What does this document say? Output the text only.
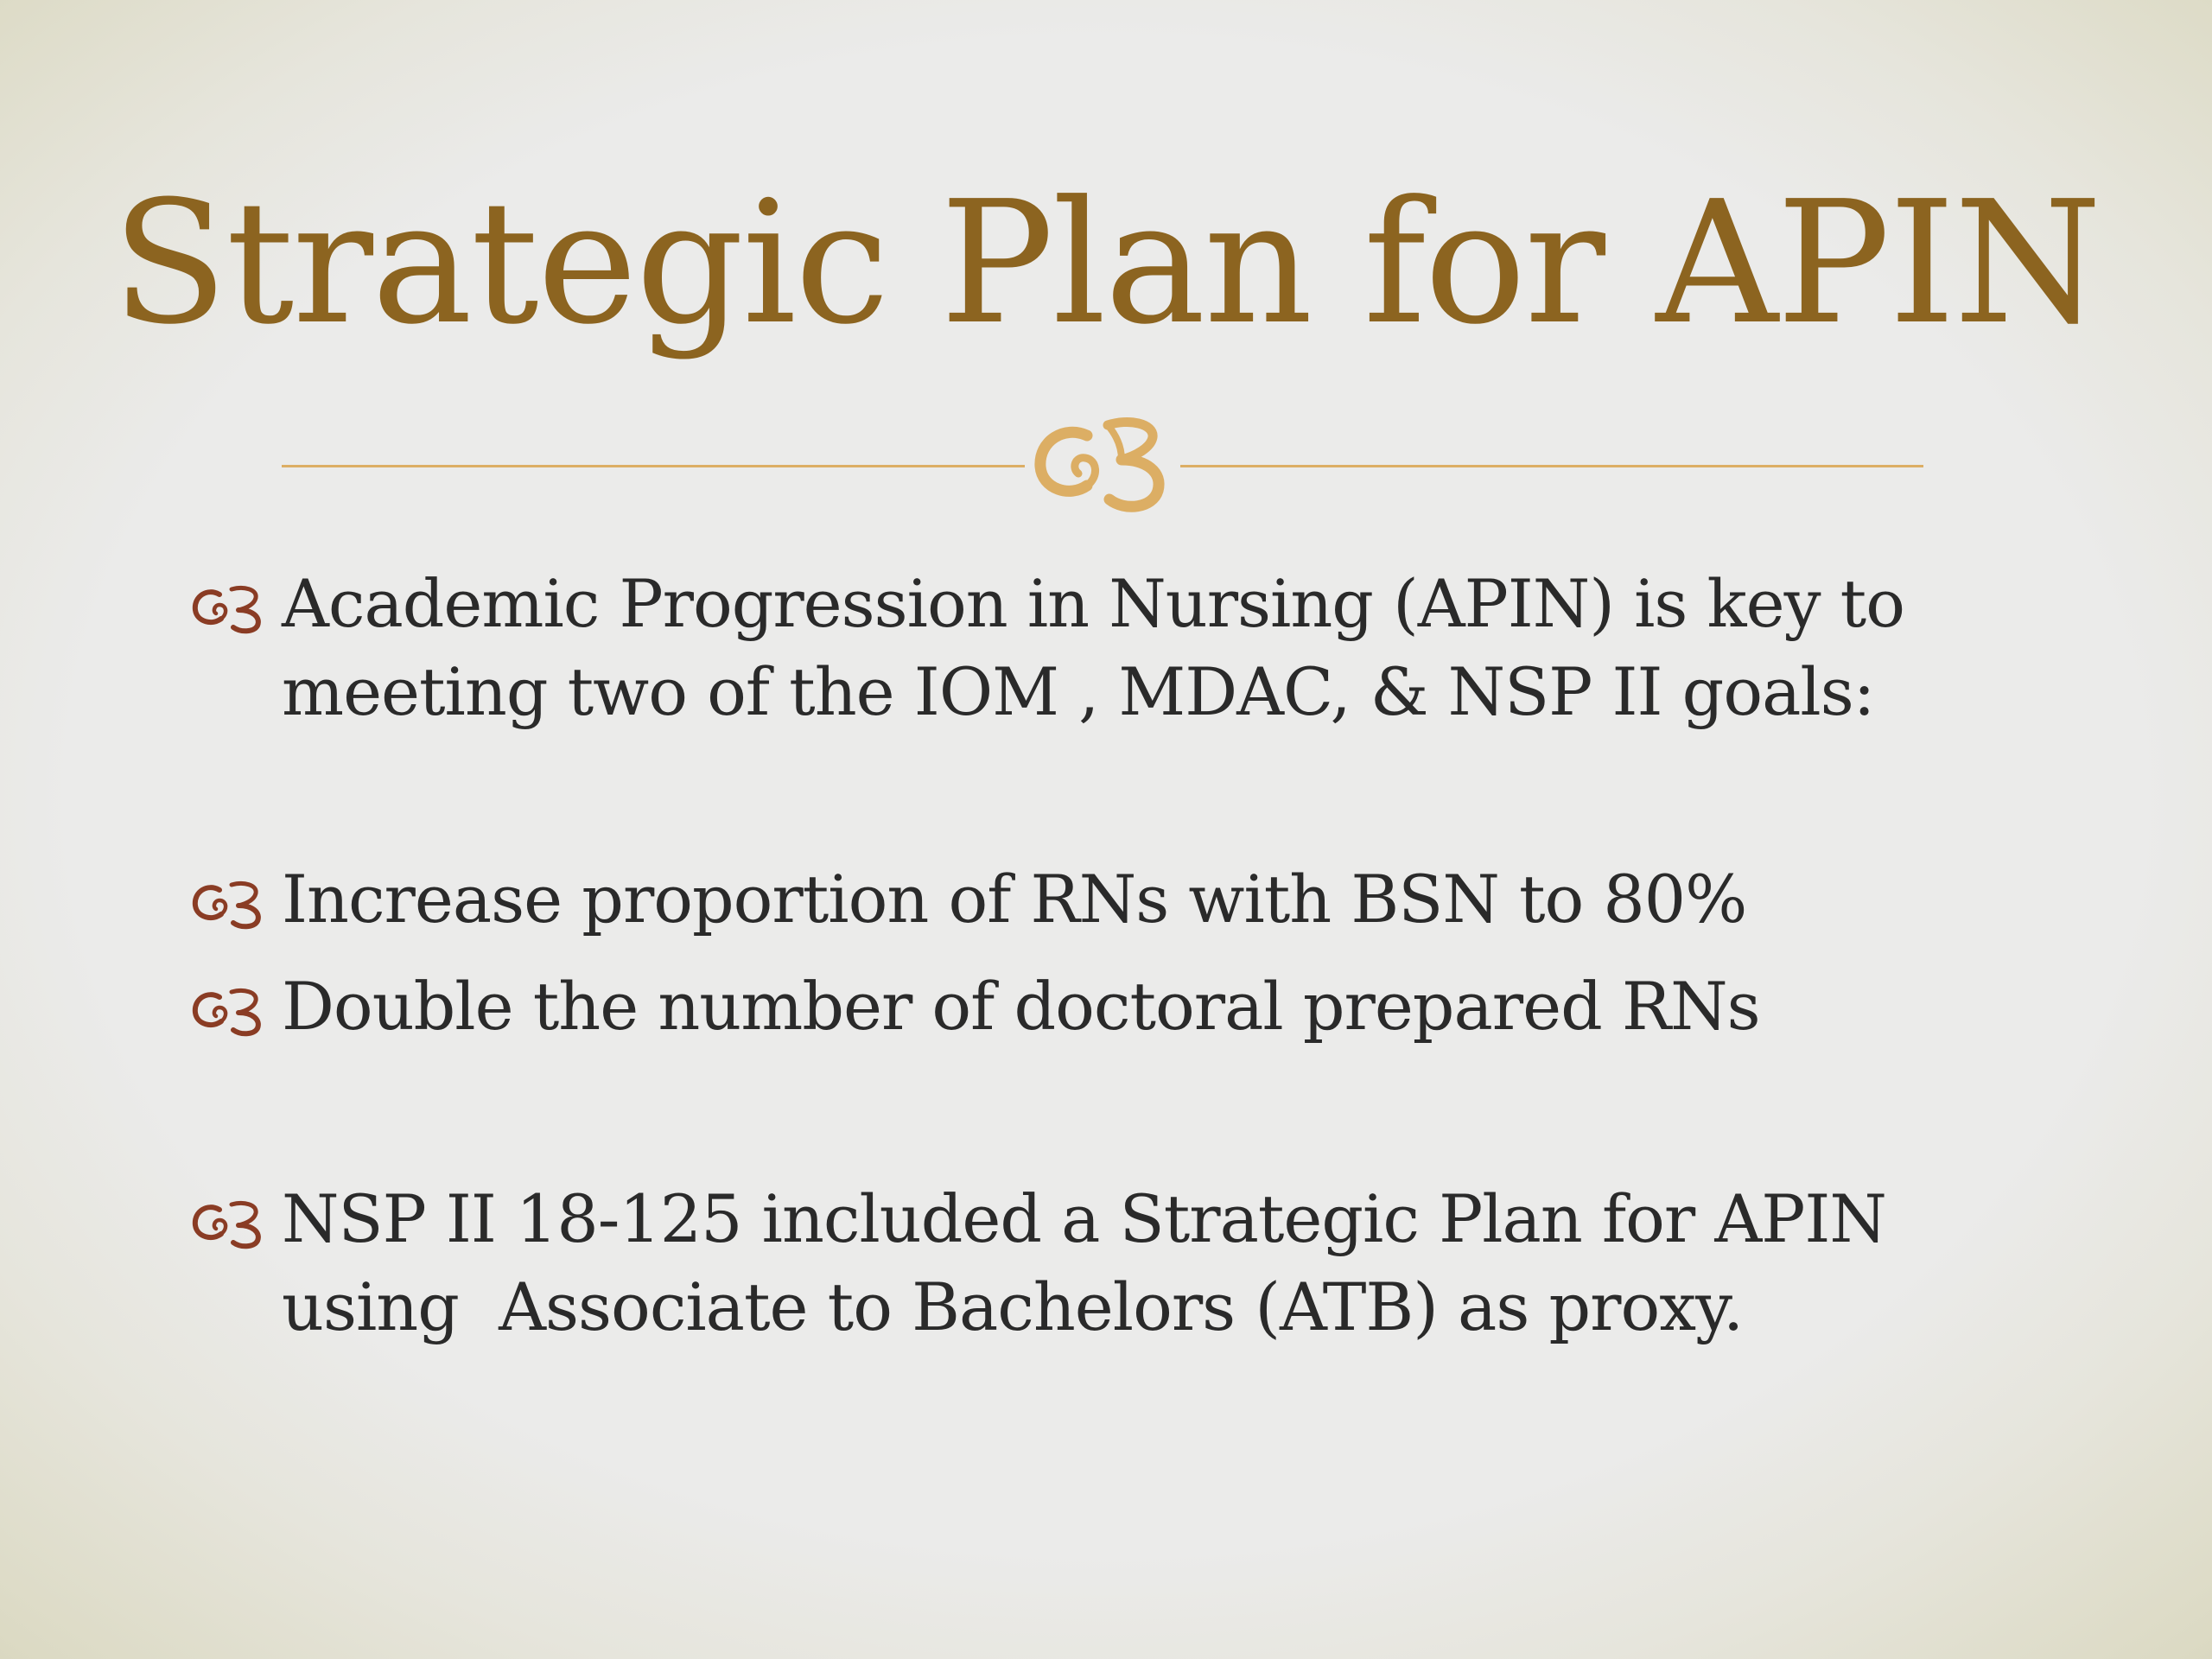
Strategic Plan for APIN
Academic Progression in Nursing (APIN) is key to
meeting two of the IOM , MDAC, & NSP II goals:
Increase proportion of RNs with BSN to 80%
Double the number of doctoral prepared RNs
NSP II 18-125 included a Strategic Plan for APIN
using  Associate to Bachelors (ATB) as proxy.
